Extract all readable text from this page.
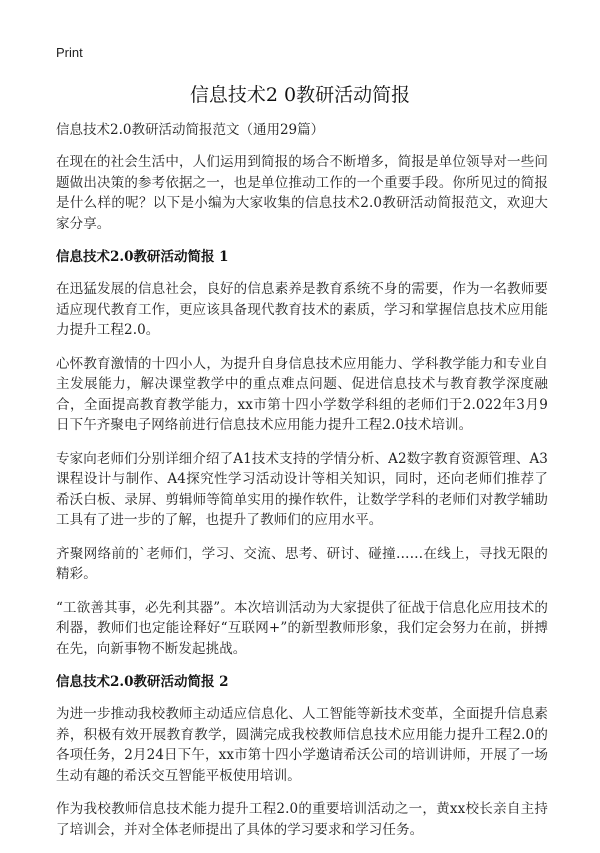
Print
信息技术2 0教研活动简报
信息技术2.0教研活动简报范文（通用29篇）

在现在的社会生活中，人们运用到简报的场合不断增多，简报是单位领导对一些问题做出决策的参考依据之一，也是单位推动工作的一个重要手段。你所见过的简报是什么样的呢？以下是小编为大家收集的信息技术2.0教研活动简报范文，欢迎大家分享。

信息技术2.0教研活动简报 1

在迅猛发展的信息社会，良好的信息素养是教育系统不身的需要，作为一名教师要适应现代教育工作，更应该具备现代教育技术的素质，学习和掌握信息技术应用能力提升工程2.0。

心怀教育激情的十四小人，为提升自身信息技术应用能力、学科教学能力和专业自主发展能力，解决课堂教学中的重点难点问题、促进信息技术与教育教学深度融合，全面提高教育教学能力，xx市第十四小学数学科组的老师们于2.022年3月9日下午齐聚电子网络前进行信息技术应用能力提升工程2.0技术培训。

专家向老师们分别详细介绍了A1技术支持的学情分析、A2数字教育资源管理、A3课程设计与制作、A4探究性学习活动设计等相关知识，同时，还向老师们推荐了希沃白板、录屏、剪辑师等简单实用的操作软件，让数学学科的老师们对教学辅助工具有了进一步的了解，也提升了教师们的应用水平。

齐聚网络前的`老师们，学习、交流、思考、研讨、碰撞……在线上，寻找无限的精彩。

“工欲善其事，必先利其器”。本次培训活动为大家提供了征战于信息化应用技术的利器，教师们也定能诠释好“互联网+”的新型教师形象，我们定会努力在前，拼搏在先，向新事物不断发起挑战。

信息技术2.0教研活动简报 2

为进一步推动我校教师主动适应信息化、人工智能等新技术变革，全面提升信息素养，积极有效开展教育教学，圆满完成我校教师信息技术应用能力提升工程2.0的各项任务，2月24日下午，xx市第十四小学邀请希沃公司的培训讲师，开展了一场生动有趣的希沃交互智能平板使用培训。

作为我校教师信息技术能力提升工程2.0的重要培训活动之一，黄xx校长亲自主持了培训会，并对全体老师提出了具体的学习要求和学习任务。
